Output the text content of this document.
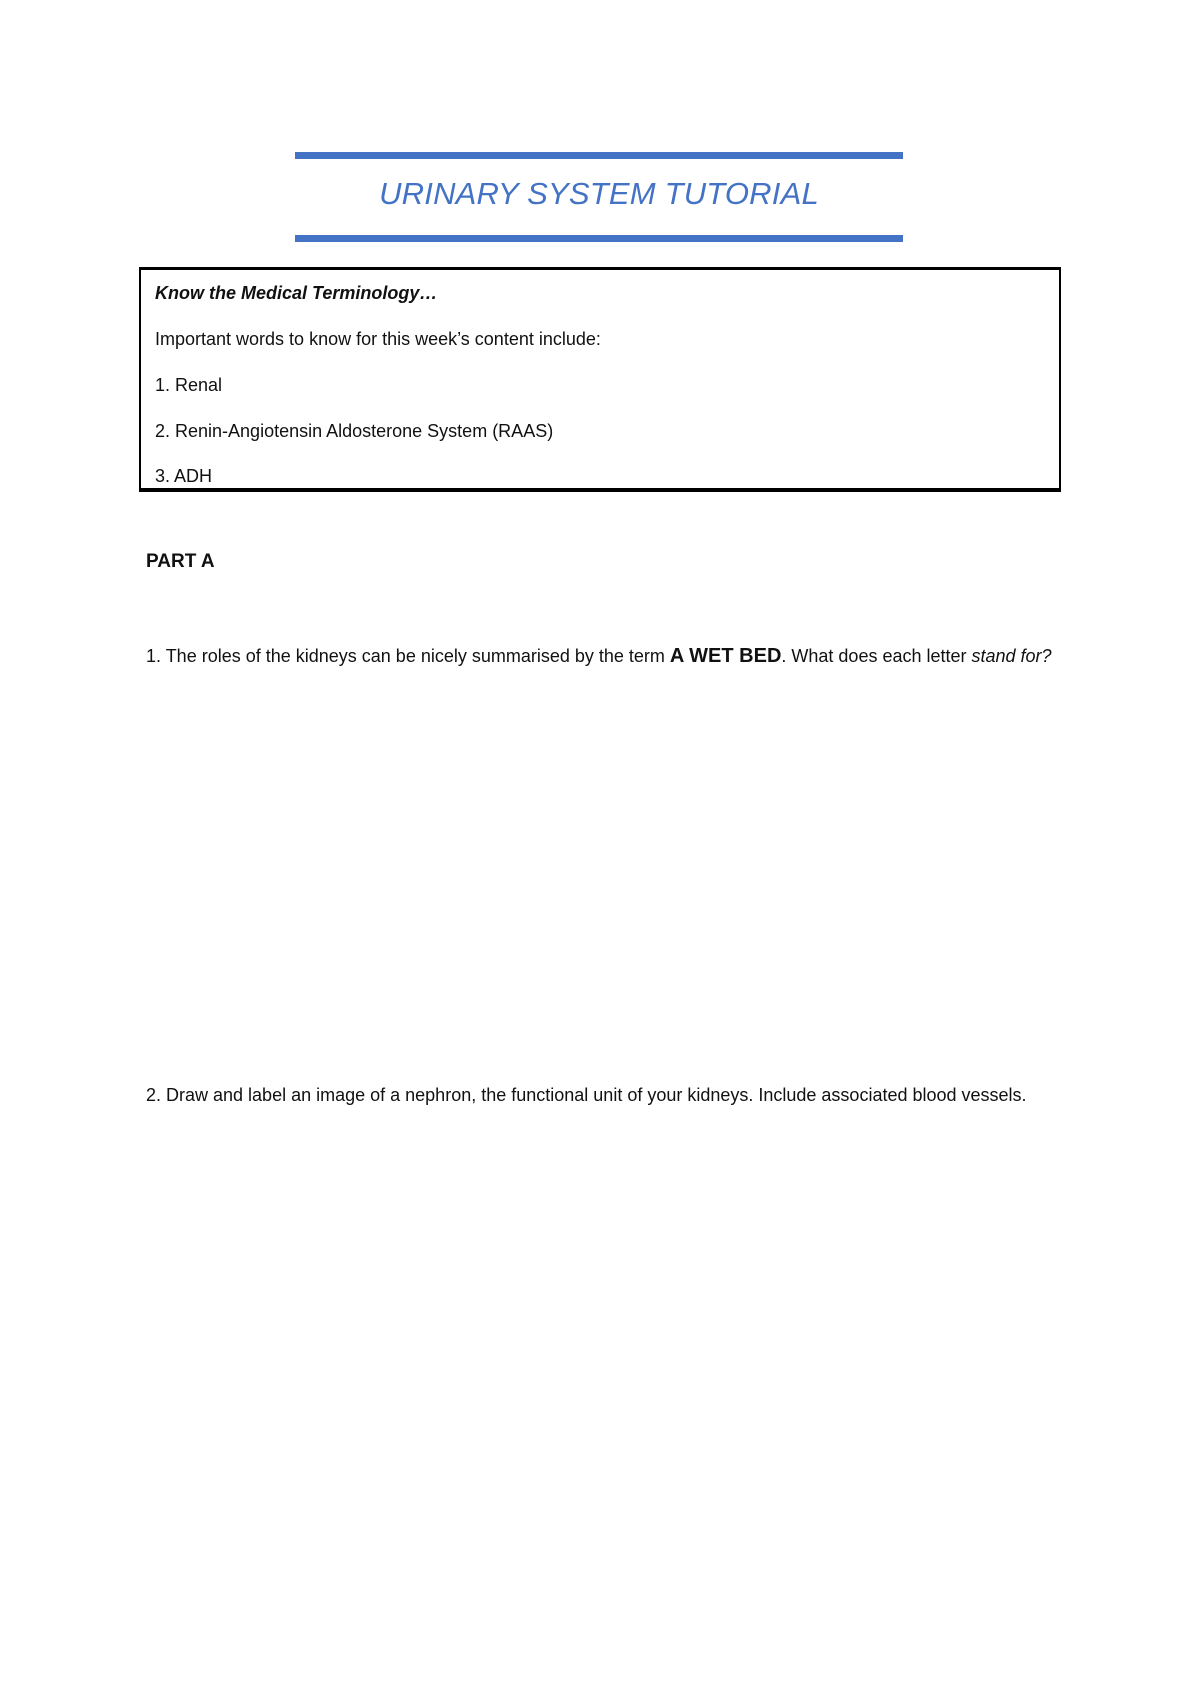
URINARY SYSTEM TUTORIAL
Know the Medical Terminology…
Important words to know for this week’s content include:
1. Renal
2. Renin-Angiotensin Aldosterone System (RAAS)
3. ADH
PART A
1. The roles of the kidneys can be nicely summarised by the term A WET BED. What does each letter stand for?
2. Draw and label an image of a nephron, the functional unit of your kidneys. Include associated blood vessels.
